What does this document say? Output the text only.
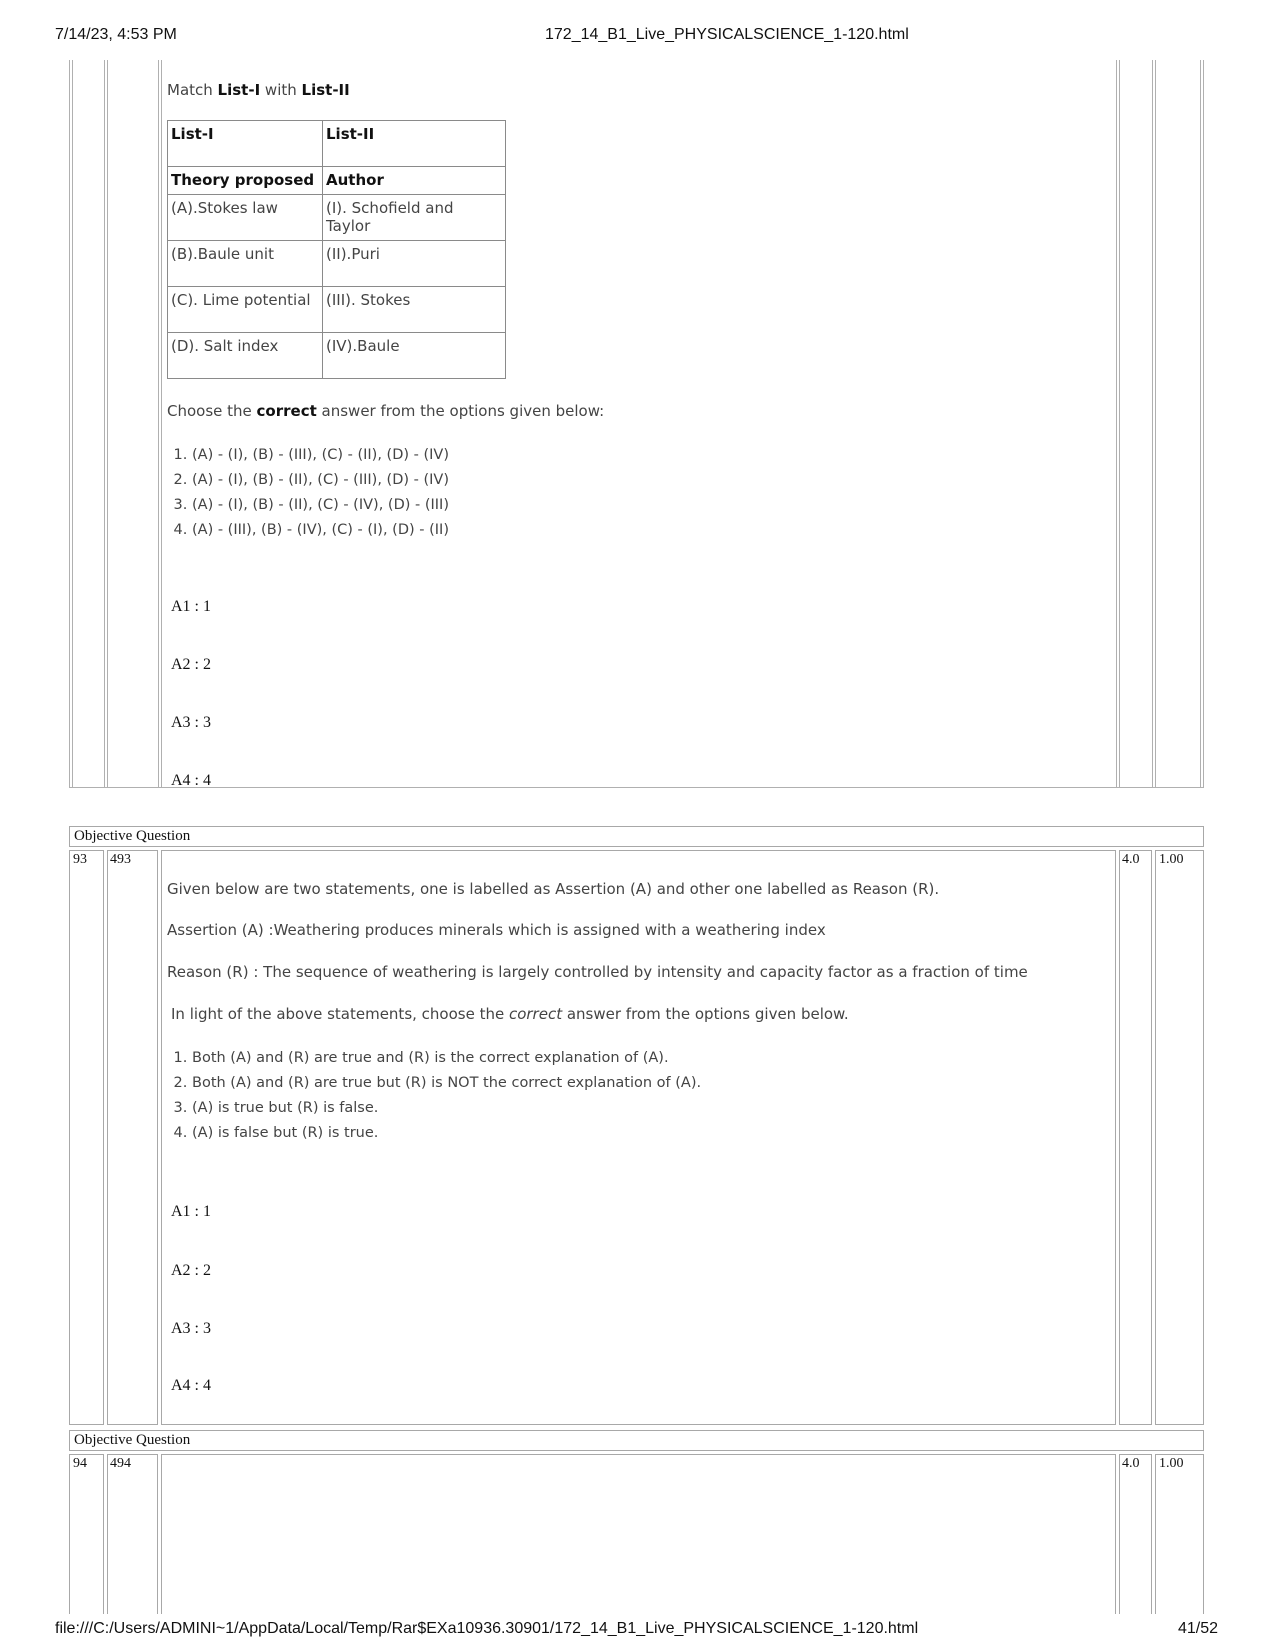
7/14/23, 4:53 PM	172_14_B1_Live_PHYSICALSCIENCE_1-120.html
Match List-I with List-II
List-I	List-II
Theory proposed	Author
(A).Stokes law	(I). Schofield and Taylor
(B).Baule unit	(II).Puri
(C). Lime potential	(III). Stokes
(D). Salt index	(IV).Baule
Choose the correct answer from the options given below:
1. (A) - (I), (B) - (III), (C) - (II), (D) - (IV)
2. (A) - (I), (B) - (II), (C) - (III), (D) - (IV)
3. (A) - (I), (B) - (II), (C) - (IV), (D) - (III)
4. (A) - (III), (B) - (IV), (C) - (I), (D) - (II)
A1 : 1
A2 : 2
A3 : 3
A4 : 4
Objective Question
93 493	4.0 1.00
Given below are two statements, one is labelled as Assertion (A) and other one labelled as Reason (R).
Assertion (A) :Weathering produces minerals which is assigned with a weathering index
Reason (R) : The sequence of weathering is largely controlled by intensity and capacity factor as a fraction of time
In light of the above statements, choose the correct answer from the options given below.
1. Both (A) and (R) are true and (R) is the correct explanation of (A).
2. Both (A) and (R) are true but (R) is NOT the correct explanation of (A).
3. (A) is true but (R) is false.
4. (A) is false but (R) is true.
A1 : 1
A2 : 2
A3 : 3
A4 : 4
Objective Question
94 494	4.0 1.00
file:///C:/Users/ADMINI~1/AppData/Local/Temp/Rar$EXa10936.30901/172_14_B1_Live_PHYSICALSCIENCE_1-120.html	41/52
